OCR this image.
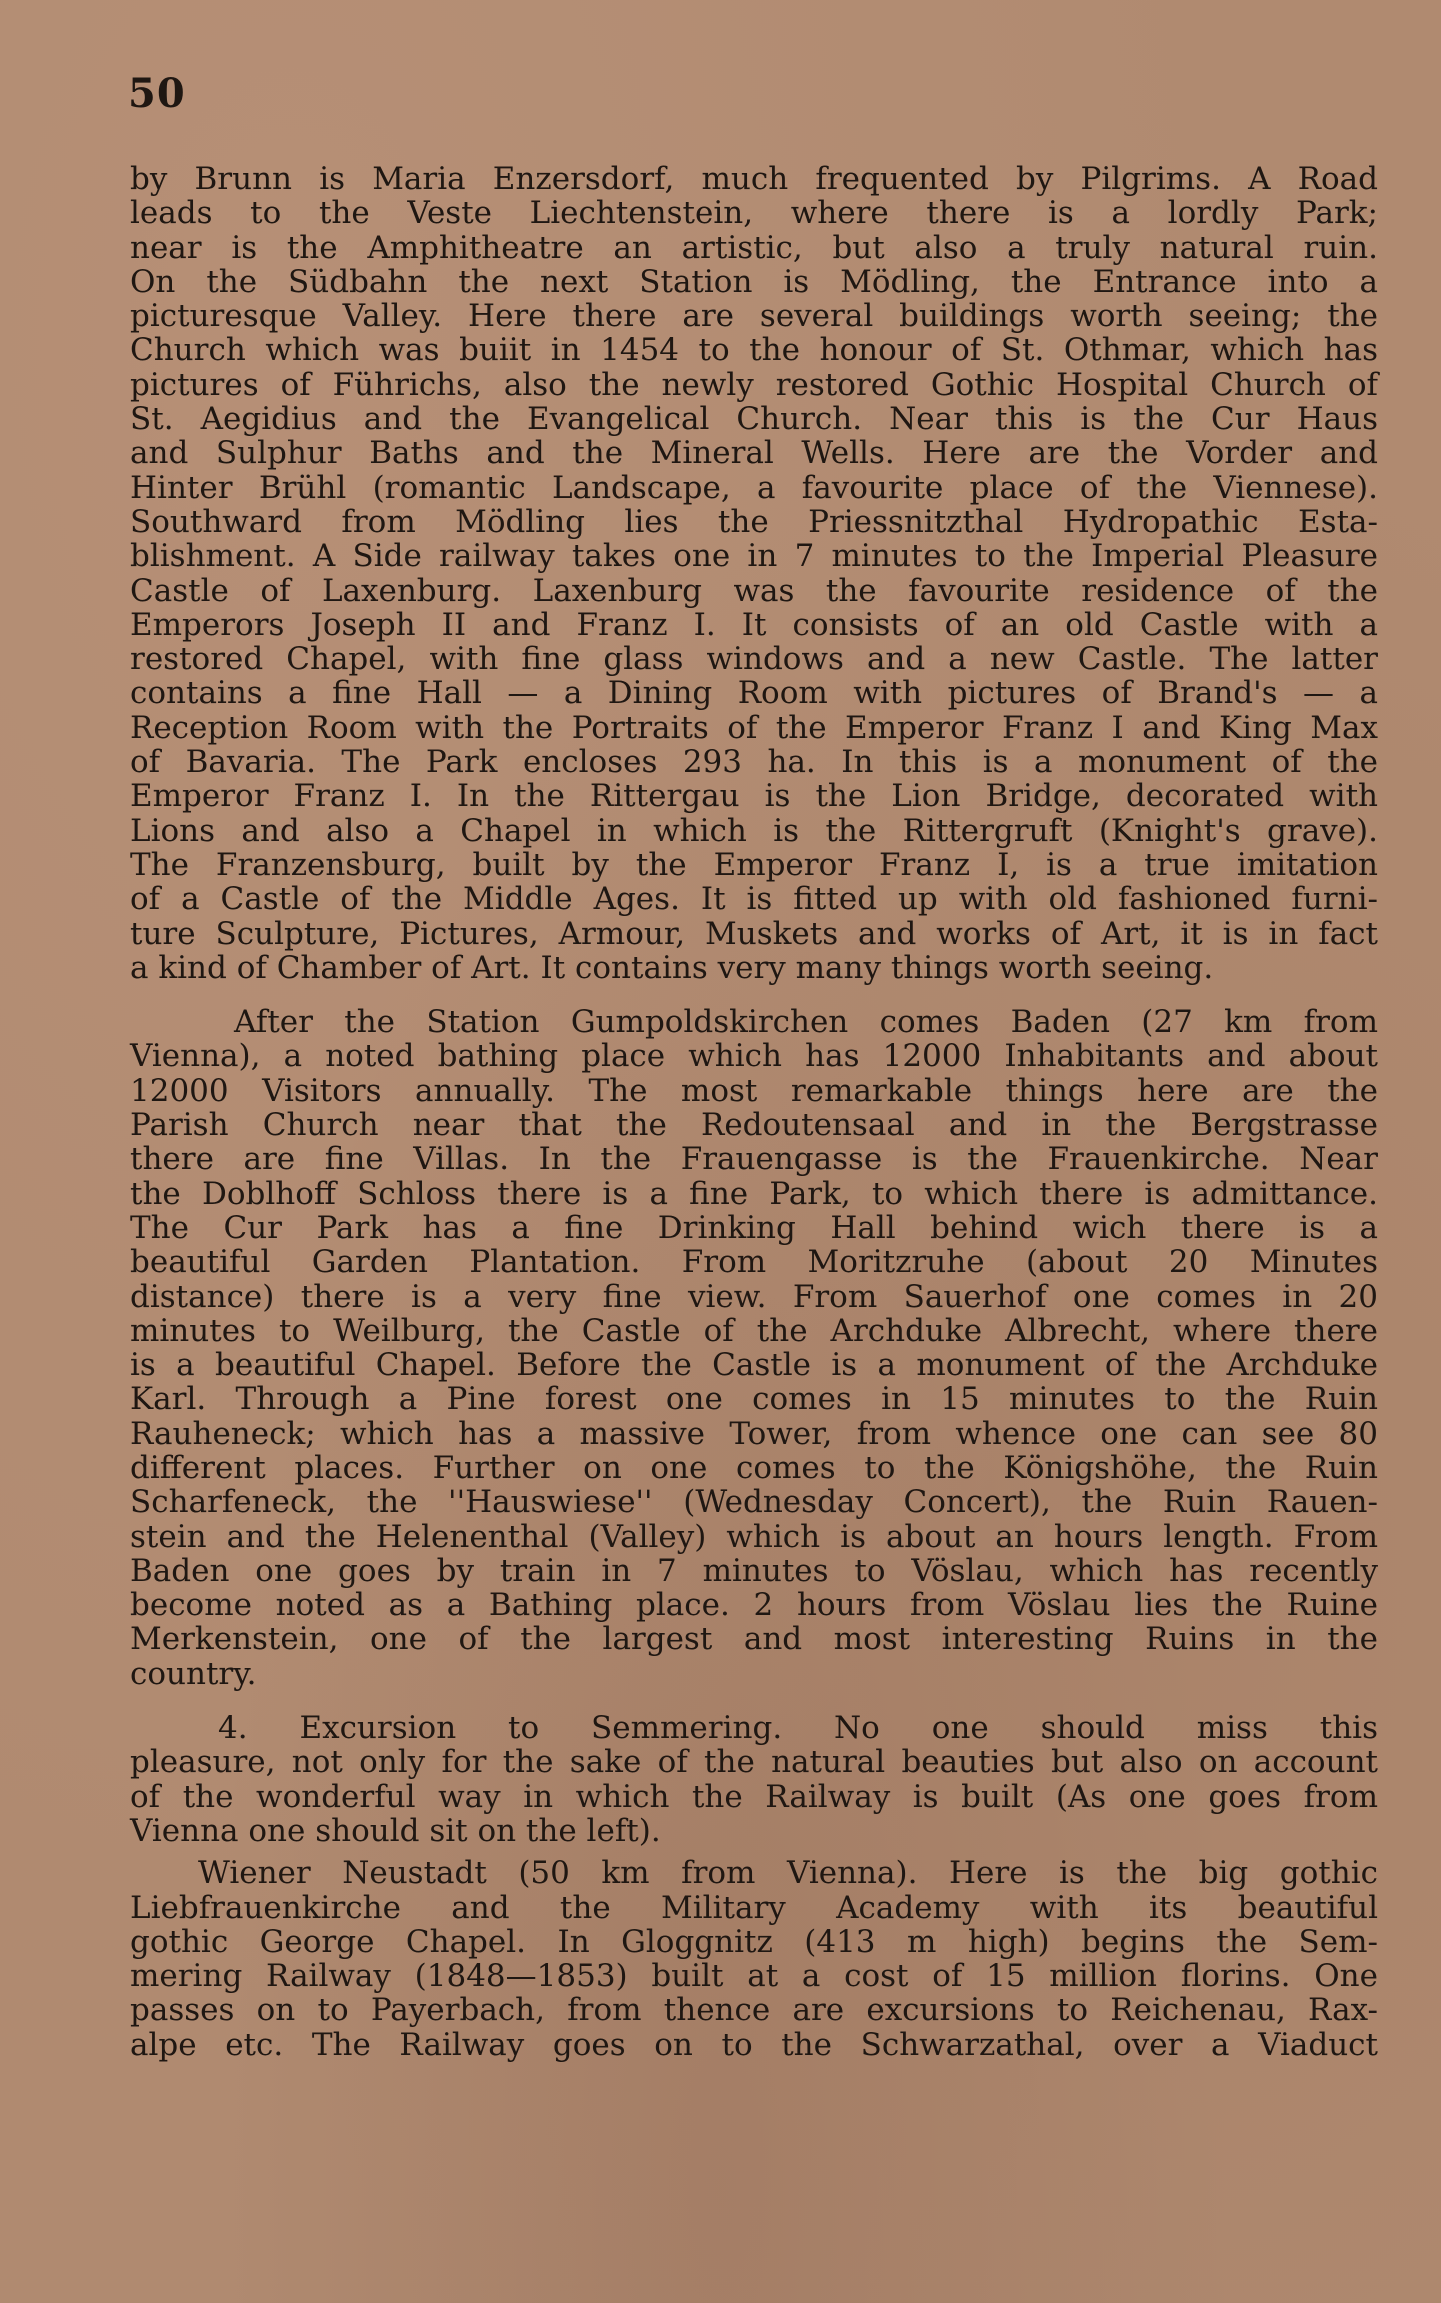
50
by Brunn is Maria Enzersdorf, much frequented by Pilgrims. A Road
leads to the Veste Liechtenstein, where there is a lordly Park;
near is the Amphitheatre an artistic, but also a truly natural ruin.
On the Südbahn the next Station is Mödling, the Entrance into a
picturesque Valley. Here there are several buildings worth seeing; the
Church which was buiit in 1454 to the honour of St. Othmar, which has
pictures of Führichs, also the newly restored Gothic Hospital Church of
St. Aegidius and the Evangelical Church. Near this is the Cur Haus
and Sulphur Baths and the Mineral Wells. Here are the Vorder and
Hinter Brühl (romantic Landscape, a favourite place of the Viennese).
Southward from Mödling lies the Priessnitzthal Hydropathic Esta-
blishment. A Side railway takes one in 7 minutes to the Imperial Pleasure
Castle of Laxenburg. Laxenburg was the favourite residence of the
Emperors Joseph II and Franz I. It consists of an old Castle with a
restored Chapel, with fine glass windows and a new Castle. The latter
contains a fine Hall — a Dining Room with pictures of Brand's — a
Reception Room with the Portraits of the Emperor Franz I and King Max
of Bavaria. The Park encloses 293 ha. In this is a monument of the
Emperor Franz I. In the Rittergau is the Lion Bridge, decorated with
Lions and also a Chapel in which is the Rittergruft (Knight's grave).
The Franzensburg, built by the Emperor Franz I, is a true imitation
of a Castle of the Middle Ages. It is fitted up with old fashioned furni-
ture Sculpture, Pictures, Armour, Muskets and works of Art, it is in fact
a kind of Chamber of Art. It contains very many things worth seeing.
After the Station Gumpoldskirchen comes Baden (27 km from
Vienna), a noted bathing place which has 12000 Inhabitants and about
12000 Visitors annually. The most remarkable things here are the
Parish Church near that the Redoutensaal and in the Bergstrasse
there are fine Villas. In the Frauengasse is the Frauenkirche. Near
the Doblhoff Schloss there is a fine Park, to which there is admittance.
The Cur Park has a fine Drinking Hall behind wich there is a
beautiful Garden Plantation. From Moritzruhe (about 20 Minutes
distance) there is a very fine view. From Sauerhof one comes in 20
minutes to Weilburg, the Castle of the Archduke Albrecht, where there
is a beautiful Chapel. Before the Castle is a monument of the Archduke
Karl. Through a Pine forest one comes in 15 minutes to the Ruin
Rauheneck; which has a massive Tower, from whence one can see 80
different places. Further on one comes to the Königshöhe, the Ruin
Scharfeneck, the ''Hauswiese'' (Wednesday Concert), the Ruin Rauen-
stein and the Helenenthal (Valley) which is about an hours length. From
Baden one goes by train in 7 minutes to Vöslau, which has recently
become noted as a Bathing place. 2 hours from Vöslau lies the Ruine
Merkenstein, one of the largest and most interesting Ruins in the
country.
4. Excursion to Semmering. No one should miss this
pleasure, not only for the sake of the natural beauties but also on account
of the wonderful way in which the Railway is built (As one goes from
Vienna one should sit on the left).
Wiener Neustadt (50 km from Vienna). Here is the big gothic
Liebfrauenkirche and the Military Academy with its beautiful
gothic George Chapel. In Gloggnitz (413 m high) begins the Sem-
mering Railway (1848—1853) built at a cost of 15 million florins. One
passes on to Payerbach, from thence are excursions to Reichenau, Rax-
alpe etc. The Railway goes on to the Schwarzathal, over a Viaduct
